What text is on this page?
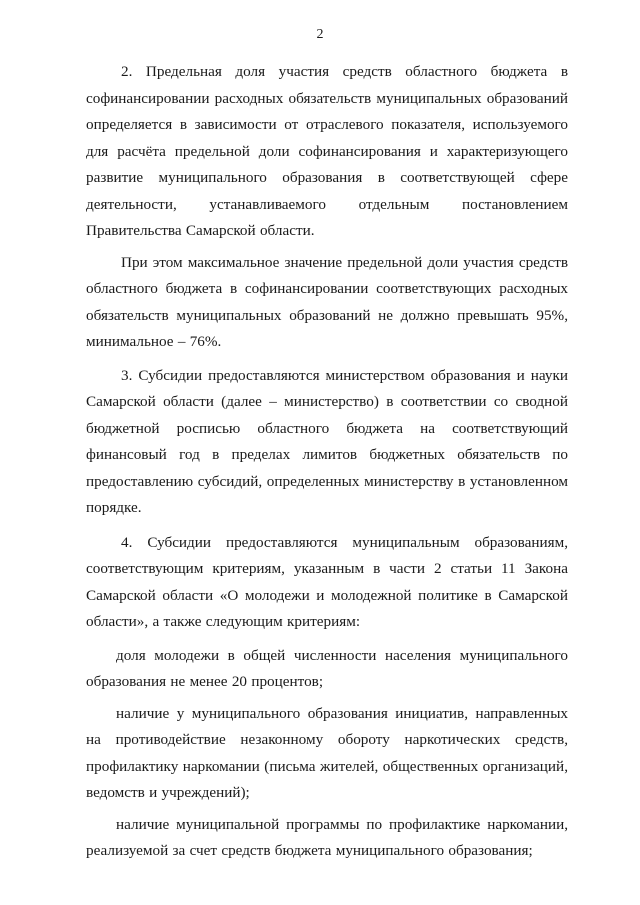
2

2. Предельная доля участия средств областного бюджета в софинансировании расходных обязательств муниципальных образований определяется в зависимости от отраслевого показателя, используемого для расчёта предельной доли софинансирования и характеризующего развитие муниципального образования в соответствующей сфере деятельности, устанавливаемого отдельным постановлением Правительства Самарской области.

При этом максимальное значение предельной доли участия средств областного бюджета в софинансировании соответствующих расходных обязательств муниципальных образований не должно превышать 95%, минимальное – 76%.

3. Субсидии предоставляются министерством образования и науки Самарской области (далее – министерство) в соответствии со сводной бюджетной росписью областного бюджета на соответствующий финансовый год в пределах лимитов бюджетных обязательств по предоставлению субсидий, определенных министерству в установленном порядке.

4. Субсидии предоставляются муниципальным образованиям, соответствующим критериям, указанным в части 2 статьи 11 Закона Самарской области «О молодежи и молодежной политике в Самарской области», а также следующим критериям:

доля молодежи в общей численности населения муниципального образования не менее 20 процентов;

наличие у муниципального образования инициатив, направленных на противодействие незаконному обороту наркотических средств, профилактику наркомании (письма жителей, общественных организаций, ведомств и учреждений);

наличие муниципальной программы по профилактике наркомании, реализуемой за счет средств бюджета муниципального образования;
